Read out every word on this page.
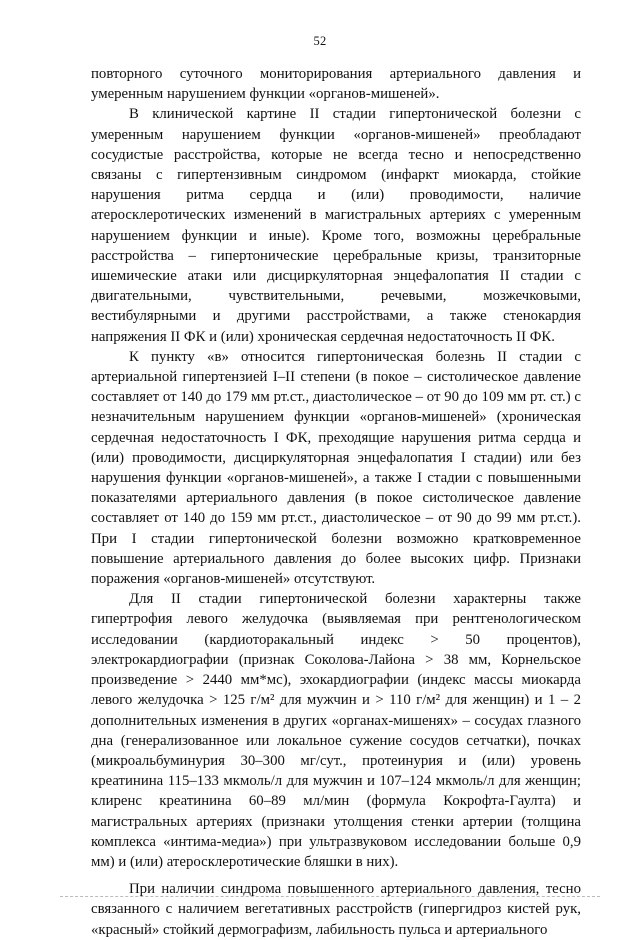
52

повторного суточного мониторирования артериального давления и умеренным нарушением функции «органов-мишеней».

В клинической картине II стадии гипертонической болезни с умеренным нарушением функции «органов-мишеней» преобладают сосудистые расстройства, которые не всегда тесно и непосредственно связаны с гипертензивным синдромом (инфаркт миокарда, стойкие нарушения ритма сердца и (или) проводимости, наличие атеросклеротических изменений в магистральных артериях с умеренным нарушением функции и иные). Кроме того, возможны церебральные расстройства – гипертонические церебральные кризы, транзиторные ишемические атаки или дисциркуляторная энцефалопатия II стадии с двигательными, чувствительными, речевыми, мозжечковыми, вестибулярными и другими расстройствами, а также стенокардия напряжения II ФК и (или) хроническая сердечная недостаточность II ФК.

К пункту «в» относится гипертоническая болезнь II стадии с артериальной гипертензией I–II степени (в покое – систолическое давление составляет от 140 до 179 мм рт.ст., диастолическое – от 90 до 109 мм рт. ст.) с незначительным нарушением функции «органов-мишеней» (хроническая сердечная недостаточность I ФК, преходящие нарушения ритма сердца и (или) проводимости, дисциркуляторная энцефалопатия I стадии) или без нарушения функции «органов-мишеней», а также I стадии с повышенными показателями артериального давления (в покое систолическое давление составляет от 140 до 159 мм рт.ст., диастолическое – от 90 до 99 мм рт.ст.). При I стадии гипертонической болезни возможно кратковременное повышение артериального давления до более высоких цифр. Признаки поражения «органов-мишеней» отсутствуют.

Для II стадии гипертонической болезни характерны также гипертрофия левого желудочка (выявляемая при рентгенологическом исследовании (кардиоторакальный индекс > 50 процентов), электрокардиографии (признак Соколова-Лайона > 38 мм, Корнельское произведение > 2440 мм*мс), эхокардиографии (индекс массы миокарда левого желудочка > 125 г/м² для мужчин и > 110 г/м² для женщин) и 1 – 2 дополнительных изменения в других «органах-мишенях» – сосудах глазного дна (генерализованное или локальное сужение сосудов сетчатки), почках (микроальбуминурия 30–300 мг/сут., протеинурия и (или) уровень креатинина 115–133 мкмоль/л для мужчин и 107–124 мкмоль/л для женщин; клиренс креатинина 60–89 мл/мин (формула Кокрофта-Гаулта) и магистральных артериях (признаки утолщения стенки артерии (толщина комплекса «интима-медиа») при ультразвуковом исследовании больше 0,9 мм) и (или) атеросклеротические бляшки в них).

При наличии синдрома повышенного артериального давления, тесно связанного с наличием вегетативных расстройств (гипергидроз кистей рук, «красный» стойкий дермографизм, лабильность пульса и артериального
